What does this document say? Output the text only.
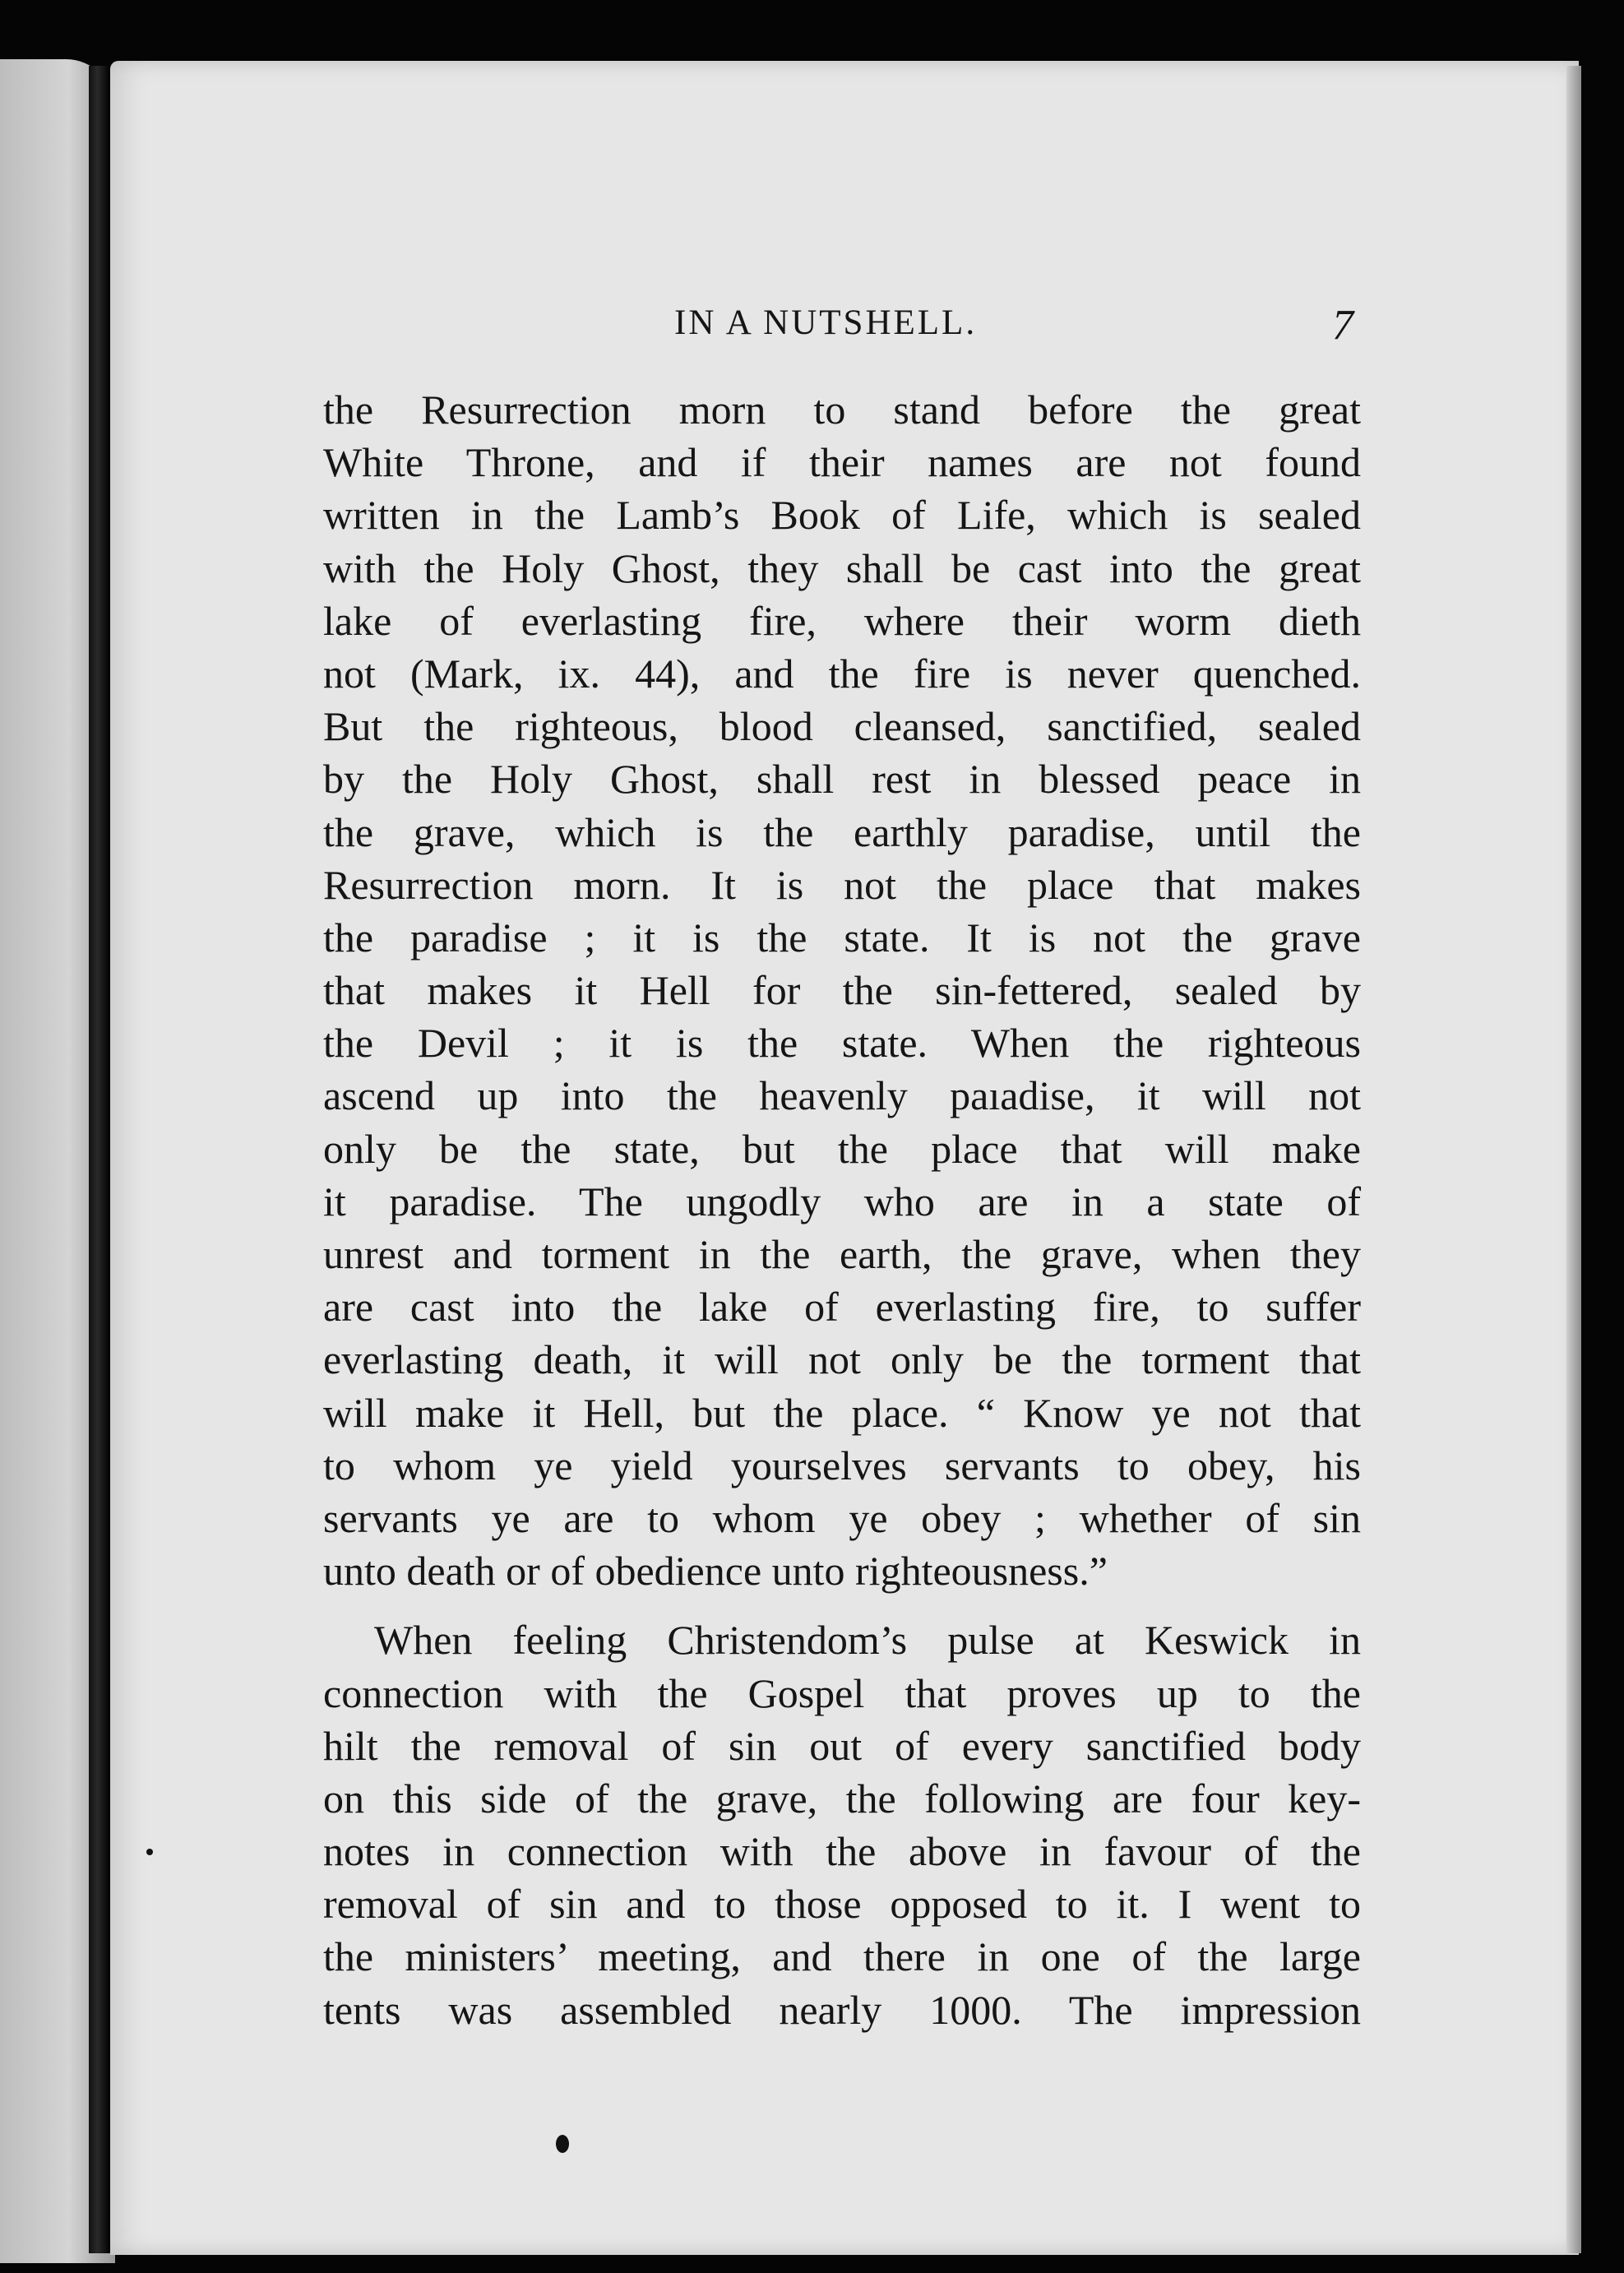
IN A NUTSHELL.	7
the Resurrection morn to stand before the great
White Throne, and if their names are not found
written in the Lamb’s Book of Life, which is sealed
with the Holy Ghost, they shall be cast into the great
lake of everlasting fire, where their worm dieth
not (Mark, ix. 44), and the fire is never quenched.
But the righteous, blood cleansed, sanctified, sealed
by the Holy Ghost, shall rest in blessed peace in
the grave, which is the earthly paradise, until the
Resurrection morn. It is not the place that makes
the paradise ; it is the state. It is not the grave
that makes it Hell for the sin-fettered, sealed by
the Devil ; it is the state. When the righteous
ascend up into the heavenly paıadise, it will not
only be the state, but the place that will make
it paradise. The ungodly who are in a state of
unrest and torment in the earth, the grave, when they
are cast into the lake of everlasting fire, to suffer
everlasting death, it will not only be the torment that
will make it Hell, but the place. “ Know ye not that
to whom ye yield yourselves servants to obey, his
servants ye are to whom ye obey ; whether of sin
unto death or of obedience unto righteousness.”
When feeling Christendom’s pulse at Keswick in
connection with the Gospel that proves up to the
hilt the removal of sin out of every sanctified body
on this side of the grave, the following are four key-
notes in connection with the above in favour of the
removal of sin and to those opposed to it. I went to
the ministers’ meeting, and there in one of the large
tents was assembled nearly 1000. The impression
